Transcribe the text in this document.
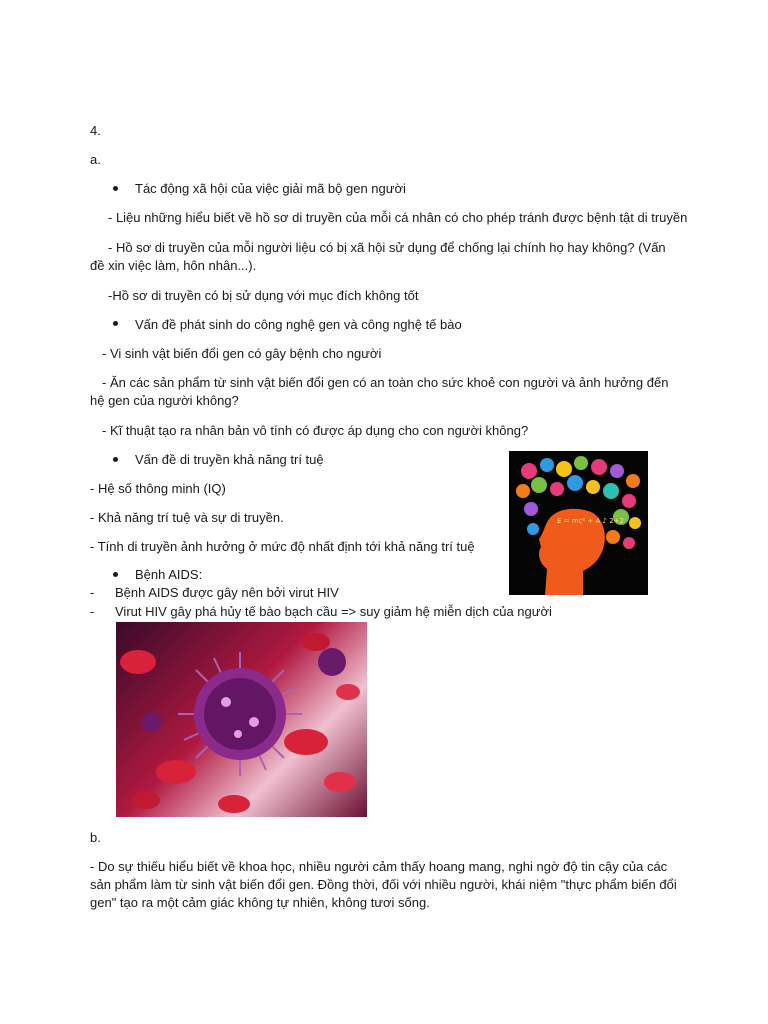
4.
a.
Tác động xã hội của việc giải mã bộ gen người
- Liệu những hiểu biết về hồ sơ di truyền của mỗi cá nhân có cho phép tránh được bệnh tật di truyền
- Hồ sơ di truyền của mỗi người liệu có bị xã hội sử dụng để chống lại chính họ hay không? (Vấn đề xin việc làm, hôn nhân...).
-Hồ sơ di truyền có bị sử dụng với mục đích không tốt
Vấn đề phát sinh do công nghệ gen và công nghệ tế bào
- Vi sinh vật biến đổi gen có gây bệnh cho người
- Ăn các sản phẩm từ sinh vật biến đổi gen có an toàn cho sức khoẻ con người và ảnh hưởng đến hệ gen của người không?
- Kĩ thuật tạo ra nhân bản vô tính có được áp dụng cho con người không?
Vấn đề di truyền khả năng trí tuệ
- Hệ số thông minh (IQ)
- Khả năng trí tuệ và sự di truyền.
- Tính di truyền ảnh hưởng ở mức độ nhất định tới khả năng trí tuệ
Bệnh AIDS:
- Bệnh AIDS được gây nên bởi virut HIV
- Virut HIV gây phá hủy tế bào bạch cầu => suy giảm hệ miễn dịch của người
E = mc² + A ♪ 2+2
b.
- Do sự thiếu hiểu biết về khoa học, nhiều người cảm thấy hoang mang, nghi ngờ độ tin cậy của các sản phẩm làm từ sinh vật biến đổi gen. Đồng thời, đối với nhiều người, khái niệm "thực phẩm biến đổi gen" tạo ra một cảm giác không tự nhiên, không tươi sống.
